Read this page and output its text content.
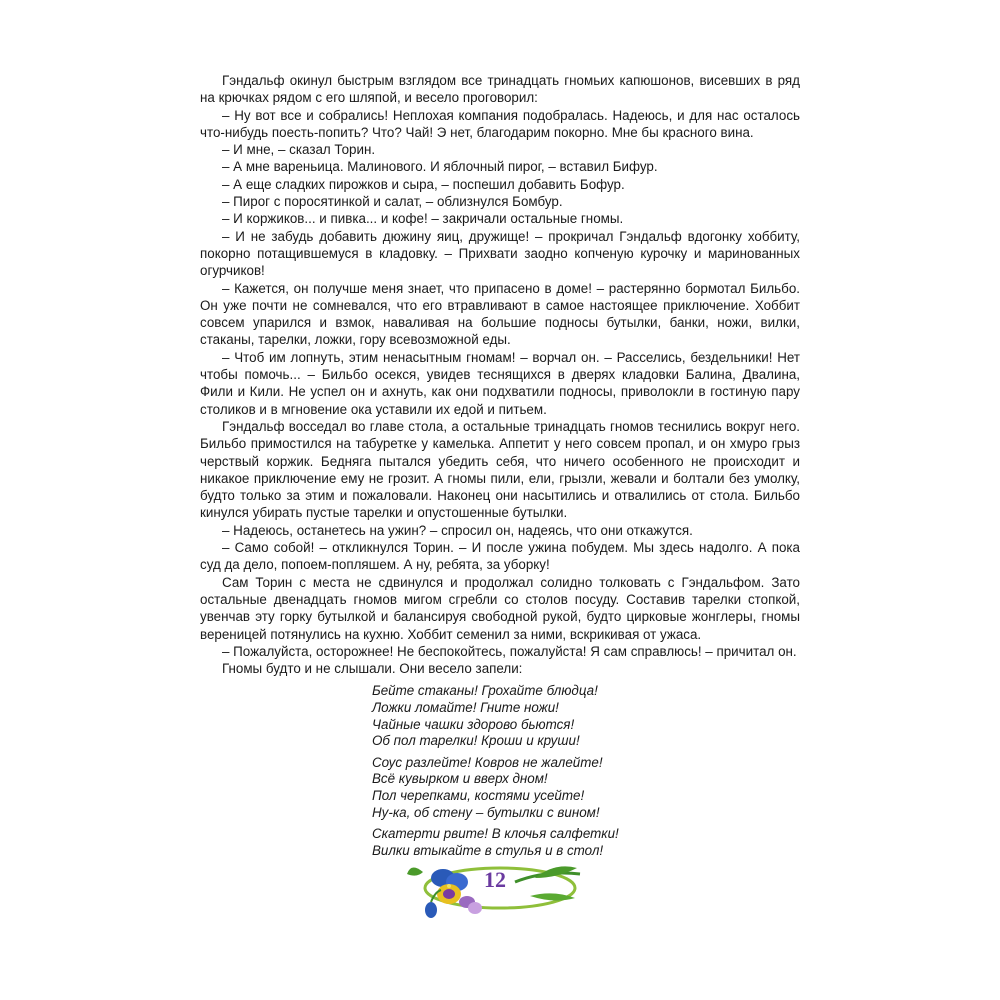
Гэндальф окинул быстрым взглядом все тринадцать гномьих капюшонов, висевших в ряд на крючках рядом с его шляпой, и весело проговорил:

– Ну вот все и собрались! Неплохая компания подобралась. Надеюсь, и для нас осталось что-нибудь поесть-попить? Что? Чай! Э нет, благодарим покорно. Мне бы красного вина.

– И мне, – сказал Торин.

– А мне вареньица. Малинового. И яблочный пирог, – вставил Бифур.

– А еще сладких пирожков и сыра, – поспешил добавить Бофур.

– Пирог с поросятинкой и салат, – облизнулся Бомбур.

– И коржиков... и пивка... и кофе! – закричали остальные гномы.

– И не забудь добавить дюжину яиц, дружище! – прокричал Гэндальф вдогонку хоббиту, покорно потащившемуся в кладовку. – Прихвати заодно копченую курочку и маринованных огурчиков!

– Кажется, он получше меня знает, что припасено в доме! – растерянно бормотал Бильбо. Он уже почти не сомневался, что его втравливают в самое настоящее приключение. Хоббит совсем упарился и взмок, наваливая на большие подносы бутылки, банки, ножи, вилки, стаканы, тарелки, ложки, гору всевозможной еды.

– Чтоб им лопнуть, этим ненасытным гномам! – ворчал он. – Расселись, бездельники! Нет чтобы помочь... – Бильбо осекся, увидев теснящихся в дверях кладовки Балина, Двалина, Фили и Кили. Не успел он и ахнуть, как они подхватили подносы, приволокли в гостиную пару столиков и в мгновение ока уставили их едой и питьем.

Гэндальф восседал во главе стола, а остальные тринадцать гномов теснились вокруг него. Бильбо примостился на табуретке у камелька. Аппетит у него совсем пропал, и он хмуро грыз черствый коржик. Бедняга пытался убедить себя, что ничего особенного не происходит и никакое приключение ему не грозит. А гномы пили, ели, грызли, жевали и болтали без умолку, будто только за этим и пожаловали. Наконец они насытились и отвалились от стола. Бильбо кинулся убирать пустые тарелки и опустошенные бутылки.

– Надеюсь, останетесь на ужин? – спросил он, надеясь, что они откажутся.

– Само собой! – откликнулся Торин. – И после ужина побудем. Мы здесь надолго. А пока суд да дело, попоем-попляшем. А ну, ребята, за уборку!

Сам Торин с места не сдвинулся и продолжал солидно толковать с Гэндальфом. Зато остальные двенадцать гномов мигом сгребли со столов посуду. Составив тарелки стопкой, увенчав эту горку бутылкой и балансируя свободной рукой, будто цирковые жонглеры, гномы вереницей потянулись на кухню. Хоббит семенил за ними, вскрикивая от ужаса.

– Пожалуйста, осторожнее! Не беспокойтесь, пожалуйста! Я сам справлюсь! – причитал он.

Гномы будто и не слышали. Они весело запели:

Бейте стаканы! Грохайте блюдца!
Ложки ломайте! Гните ножи!
Чайные чашки здорово бьются!
Об пол тарелки! Кроши и круши!
Соус разлейте! Ковров не жалейте!
Всё кувырком и вверх дном!
Пол черепками, костями усейте!
Ну-ка, об стену – бутылки с вином!
Скатерти рвите! В клочья салфетки!
Вилки втыкайте в стулья и в стол!
12
